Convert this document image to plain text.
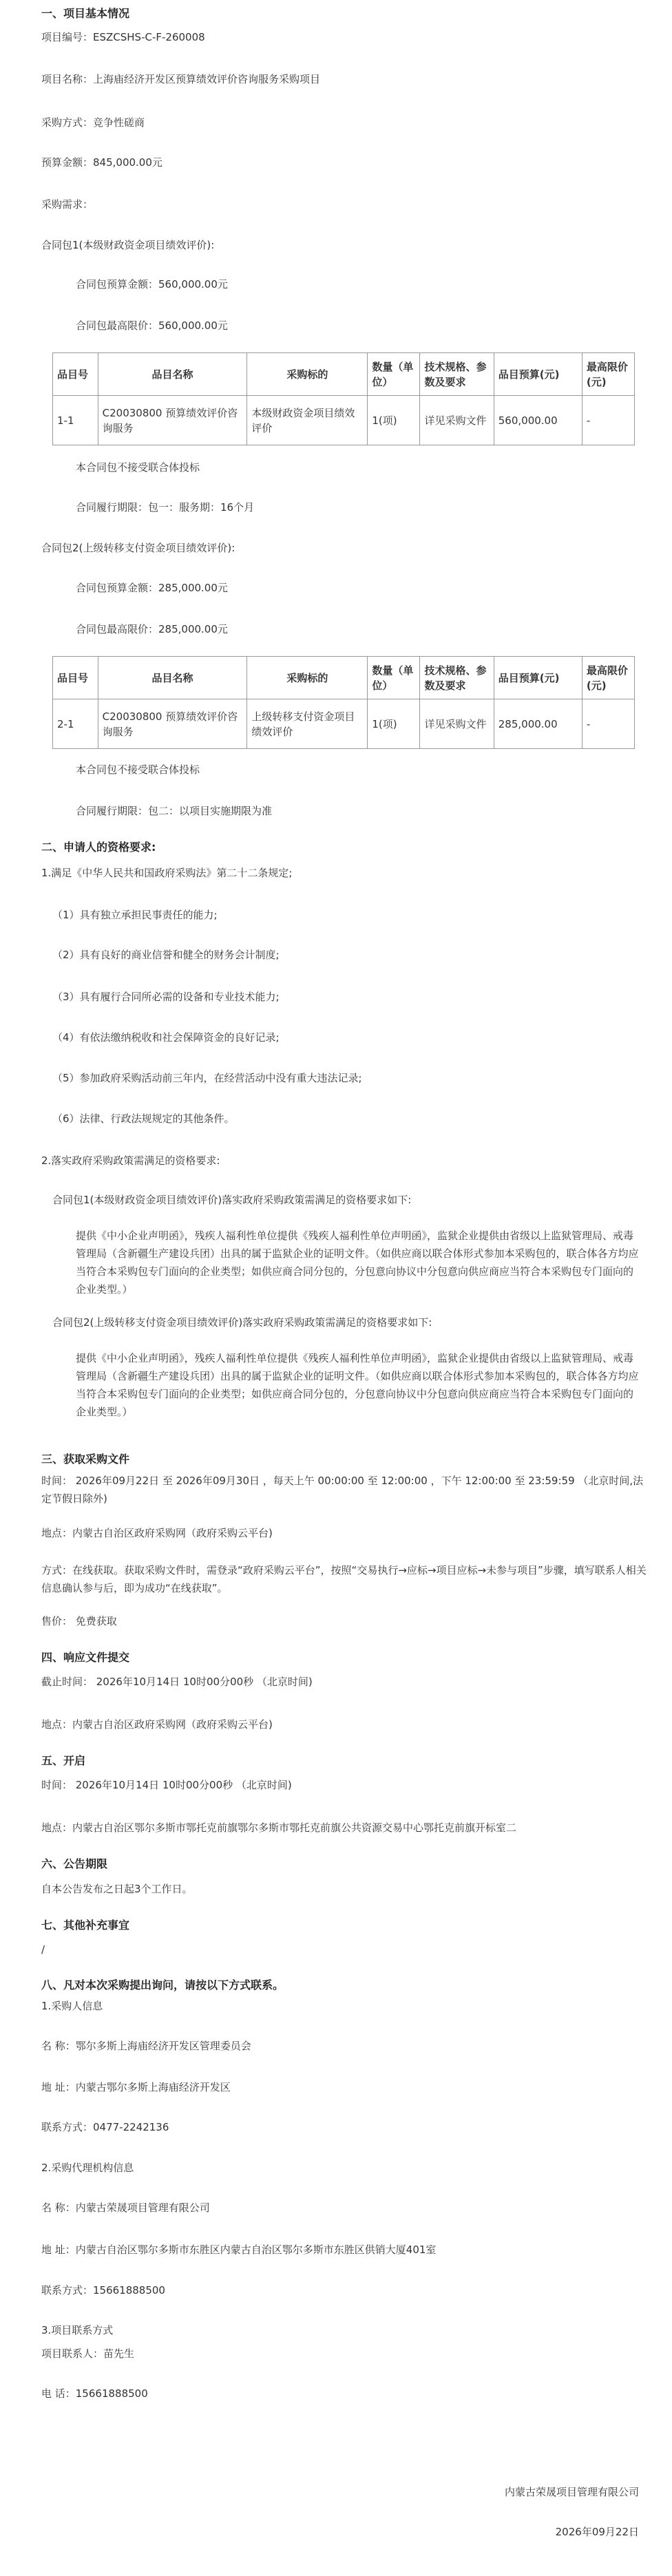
一、项目基本情况
项目编号：ESZCSHS-C-F-260008
项目名称：上海庙经济开发区预算绩效评价咨询服务采购项目
采购方式：竞争性磋商
预算金额：845,000.00元
采购需求：
合同包1(本级财政资金项目绩效评价):
合同包预算金额：560,000.00元
合同包最高限价：560,000.00元
品目号	品目名称	采购标的	数量（单位）	技术规格、参数及要求	品目预算(元)	最高限价(元)
1-1	C20030800 预算绩效评价咨询服务	本级财政资金项目绩效评价	1(项)	详见采购文件	560,000.00	-
本合同包不接受联合体投标
合同履行期限：包一：服务期：16个月
合同包2(上级转移支付资金项目绩效评价):
合同包预算金额：285,000.00元
合同包最高限价：285,000.00元
品目号	品目名称	采购标的	数量（单位）	技术规格、参数及要求	品目预算(元)	最高限价(元)
2-1	C20030800 预算绩效评价咨询服务	上级转移支付资金项目绩效评价	1(项)	详见采购文件	285,000.00	-
本合同包不接受联合体投标
合同履行期限：包二：以项目实施期限为准
二、申请人的资格要求:
1.满足《中华人民共和国政府采购法》第二十二条规定;
（1）具有独立承担民事责任的能力;
（2）具有良好的商业信誉和健全的财务会计制度;
（3）具有履行合同所必需的设备和专业技术能力;
（4）有依法缴纳税收和社会保障资金的良好记录;
（5）参加政府采购活动前三年内，在经营活动中没有重大违法记录;
（6）法律、行政法规规定的其他条件。
2.落实政府采购政策需满足的资格要求:
合同包1(本级财政资金项目绩效评价)落实政府采购政策需满足的资格要求如下:
提供《中小企业声明函》，残疾人福利性单位提供《残疾人福利性单位声明函》，监狱企业提供由省级以上监狱管理局、戒毒管理局（含新疆生产建设兵团）出具的属于监狱企业的证明文件。（如供应商以联合体形式参加本采购包的，联合体各方均应当符合本采购包专门面向的企业类型；如供应商合同分包的，分包意向协议中分包意向供应商应当符合本采购包专门面向的企业类型。）
合同包2(上级转移支付资金项目绩效评价)落实政府采购政策需满足的资格要求如下:
提供《中小企业声明函》，残疾人福利性单位提供《残疾人福利性单位声明函》，监狱企业提供由省级以上监狱管理局、戒毒管理局（含新疆生产建设兵团）出具的属于监狱企业的证明文件。（如供应商以联合体形式参加本采购包的，联合体各方均应当符合本采购包专门面向的企业类型；如供应商合同分包的，分包意向协议中分包意向供应商应当符合本采购包专门面向的企业类型。）
三、获取采购文件
时间： 2026年09月22日 至 2026年09月30日 ，每天上午 00:00:00 至 12:00:00 ，下午 12:00:00 至 23:59:59 （北京时间,法定节假日除外)
地点：内蒙古自治区政府采购网（政府采购云平台)
方式：在线获取。获取采购文件时，需登录“政府采购云平台”，按照“交易执行→应标→项目应标→未参与项目”步骤，填写联系人相关信息确认参与后，即为成功“在线获取”。
售价： 免费获取
四、响应文件提交
截止时间： 2026年10月14日 10时00分00秒 （北京时间)
地点：内蒙古自治区政府采购网（政府采购云平台)
五、开启
时间： 2026年10月14日 10时00分00秒 （北京时间)
地点：内蒙古自治区鄂尔多斯市鄂托克前旗鄂尔多斯市鄂托克前旗公共资源交易中心鄂托克前旗开标室二
六、公告期限
自本公告发布之日起3个工作日。
七、其他补充事宜
/
八、凡对本次采购提出询问，请按以下方式联系。
1.采购人信息
名 称：鄂尔多斯上海庙经济开发区管理委员会
地 址：内蒙古鄂尔多斯上海庙经济开发区
联系方式：0477-2242136
2.采购代理机构信息
名 称：内蒙古荣晟项目管理有限公司
地 址：内蒙古自治区鄂尔多斯市东胜区内蒙古自治区鄂尔多斯市东胜区供销大厦401室
联系方式：15661888500
3.项目联系方式
项目联系人：苗先生
电 话：15661888500
内蒙古荣晟项目管理有限公司
2026年09月22日
